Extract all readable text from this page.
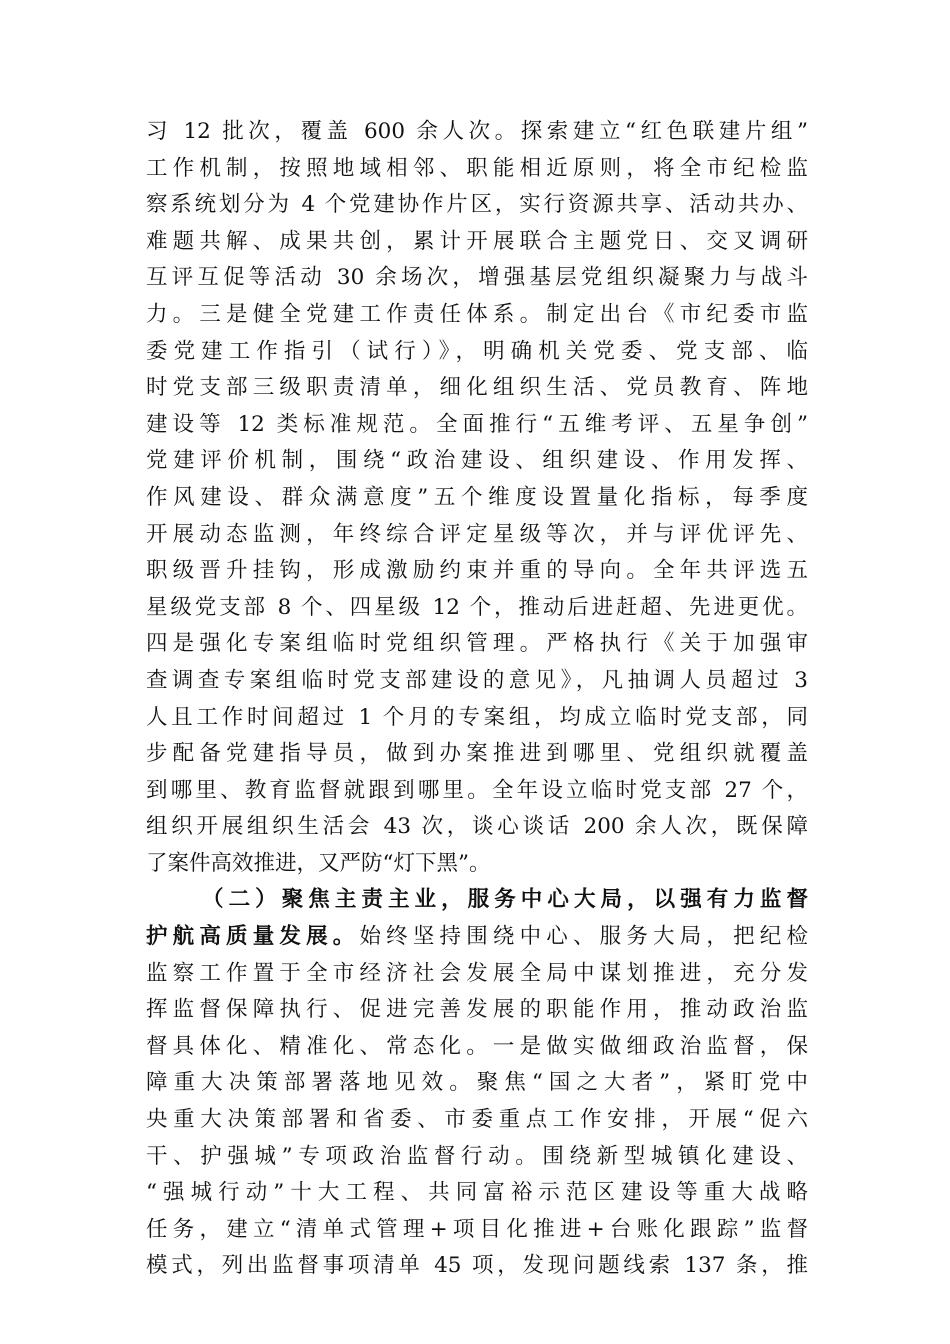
习 12 批次，覆盖 600 余人次。探索建立“红色联建片组”
工作机制，按照地域相邻、职能相近原则，将全市纪检监
察系统划分为 4 个党建协作片区，实行资源共享、活动共办、
难题共解、成果共创，累计开展联合主题党日、交叉调研
互评互促等活动 30 余场次，增强基层党组织凝聚力与战斗
力。三是健全党建工作责任体系。制定出台《市纪委市监
委党建工作指引（试行）》，明确机关党委、党支部、临
时党支部三级职责清单，细化组织生活、党员教育、阵地
建设等 12 类标准规范。全面推行“五维考评、五星争创”
党建评价机制，围绕“政治建设、组织建设、作用发挥、
作风建设、群众满意度”五个维度设置量化指标，每季度
开展动态监测，年终综合评定星级等次，并与评优评先、
职级晋升挂钩，形成激励约束并重的导向。全年共评选五
星级党支部 8 个、四星级 12 个，推动后进赶超、先进更优。
四是强化专案组临时党组织管理。严格执行《关于加强审
查调查专案组临时党支部建设的意见》，凡抽调人员超过 3
人且工作时间超过 1 个月的专案组，均成立临时党支部，同
步配备党建指导员，做到办案推进到哪里、党组织就覆盖
到哪里、教育监督就跟到哪里。全年设立临时党支部 27 个，
组织开展组织生活会 43 次，谈心谈话 200 余人次，既保障
了案件高效推进，又严防“灯下黑”。
（二）聚焦主责主业，服务中心大局，以强有力监督
护航高质量发展。始终坚持围绕中心、服务大局，把纪检
监察工作置于全市经济社会发展全局中谋划推进，充分发
挥监督保障执行、促进完善发展的职能作用，推动政治监
督具体化、精准化、常态化。一是做实做细政治监督，保
障重大决策部署落地见效。聚焦“国之大者”，紧盯党中
央重大决策部署和省委、市委重点工作安排，开展“促六
干、护强城”专项政治监督行动。围绕新型城镇化建设、
“强城行动”十大工程、共同富裕示范区建设等重大战略
任务，建立“清单式管理+项目化推进+台账化跟踪”监督
模式，列出监督事项清单 45 项，发现问题线索 137 条，推
